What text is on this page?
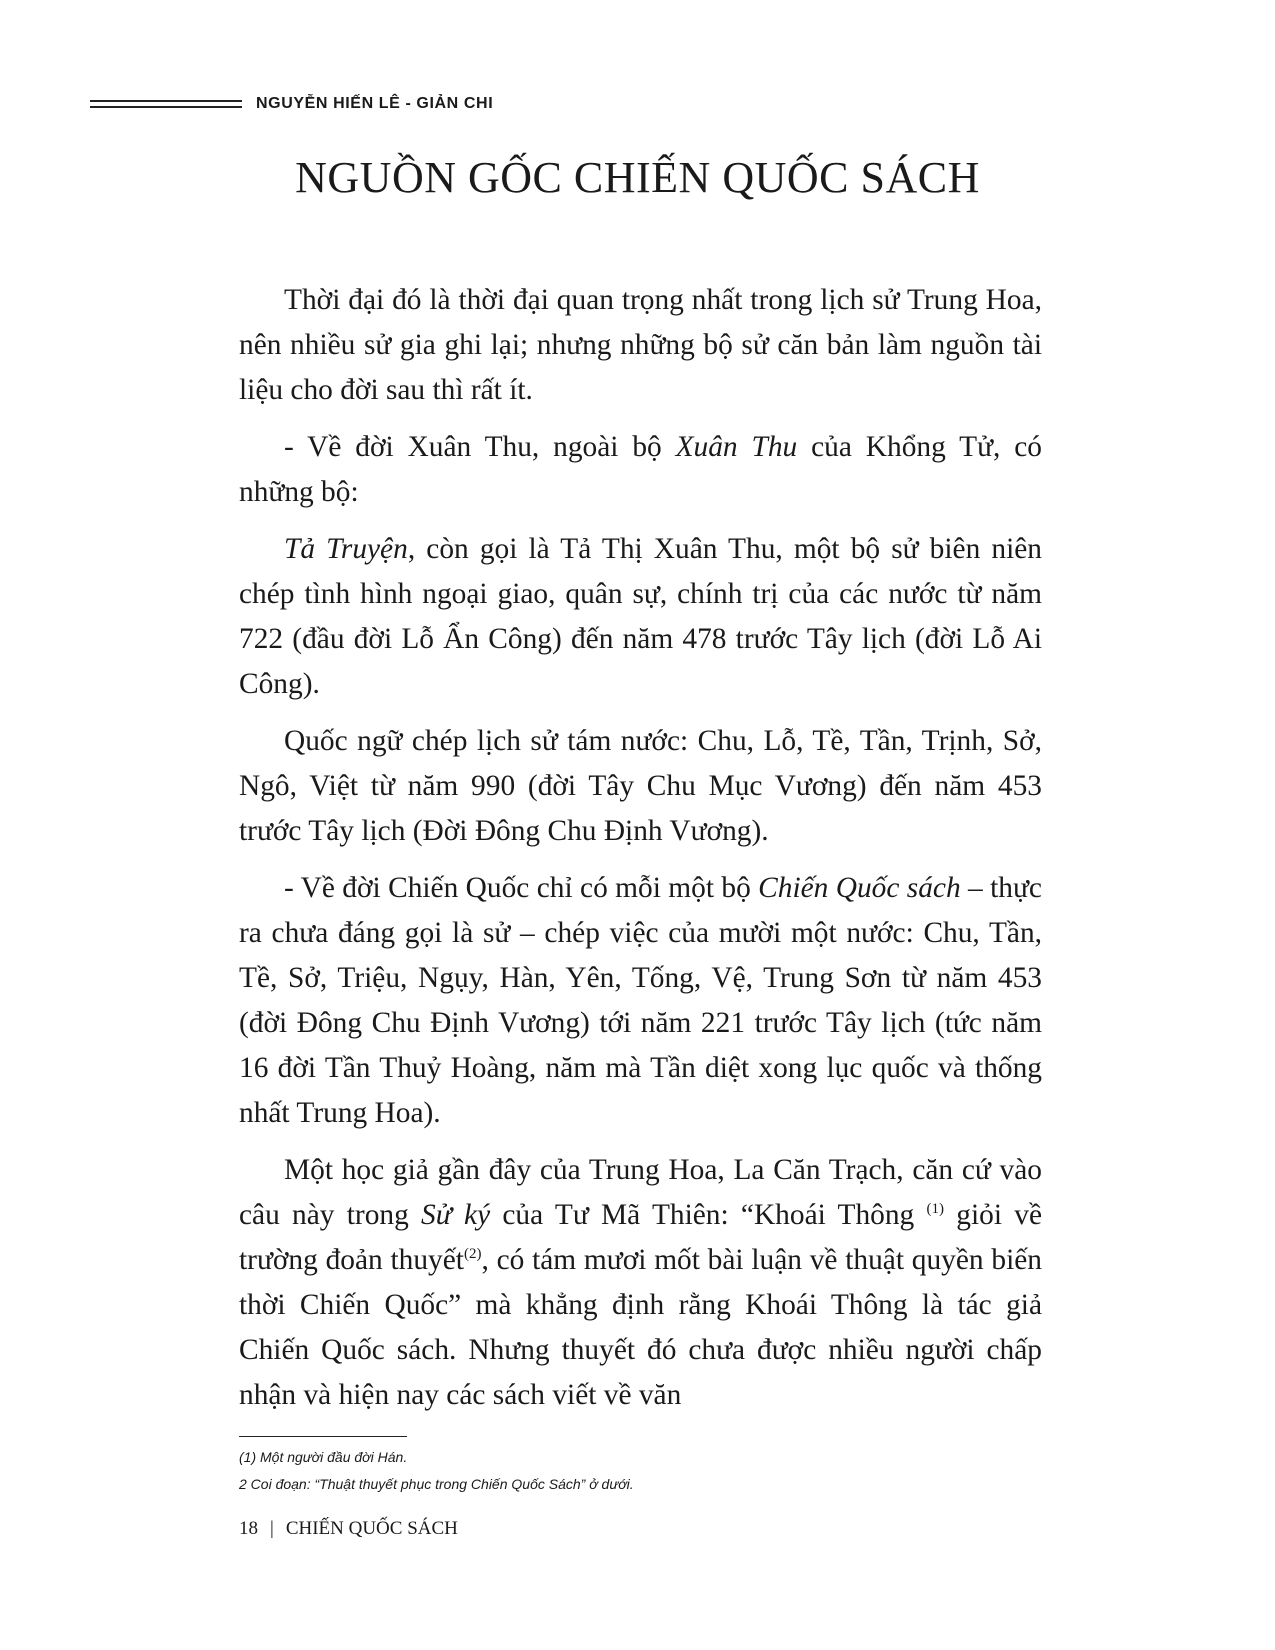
NGUYỄN HIẾN LÊ - GIẢN CHI
NGUỒN GỐC CHIẾN QUỐC SÁCH

Thời đại đó là thời đại quan trọng nhất trong lịch sử Trung Hoa, nên nhiều sử gia ghi lại; nhưng những bộ sử căn bản làm nguồn tài liệu cho đời sau thì rất ít.

- Về đời Xuân Thu, ngoài bộ Xuân Thu của Khổng Tử, có những bộ:

Tả Truyện, còn gọi là Tả Thị Xuân Thu, một bộ sử biên niên chép tình hình ngoại giao, quân sự, chính trị của các nước từ năm 722 (đầu đời Lỗ Ẩn Công) đến năm 478 trước Tây lịch (đời Lỗ Ai Công).

Quốc ngữ chép lịch sử tám nước: Chu, Lỗ, Tề, Tần, Trịnh, Sở, Ngô, Việt từ năm 990 (đời Tây Chu Mục Vương) đến năm 453 trước Tây lịch (Đời Đông Chu Định Vương).

- Về đời Chiến Quốc chỉ có mỗi một bộ Chiến Quốc sách – thực ra chưa đáng gọi là sử – chép việc của mười một nước: Chu, Tần, Tề, Sở, Triệu, Ngụy, Hàn, Yên, Tống, Vệ, Trung Sơn từ năm 453 (đời Đông Chu Định Vương) tới năm 221 trước Tây lịch (tức năm 16 đời Tần Thuỷ Hoàng, năm mà Tần diệt xong lục quốc và thống nhất Trung Hoa).

Một học giả gần đây của Trung Hoa, La Căn Trạch, căn cứ vào câu này trong Sử ký của Tư Mã Thiên: “Khoái Thông $^{(1)}$ giỏi về trường đoản thuyết$^{(2)}$, có tám mươi mốt bài luận về thuật quyền biến thời Chiến Quốc” mà khẳng định rằng Khoái Thông là tác giả Chiến Quốc sách. Nhưng thuyết đó chưa được nhiều người chấp nhận và hiện nay các sách viết về văn

(1) Một người đầu đời Hán.
2 Coi đoạn: “Thuật thuyết phục trong Chiến Quốc Sách” ở dưới.
18 | CHIẾN QUỐC SÁCH
